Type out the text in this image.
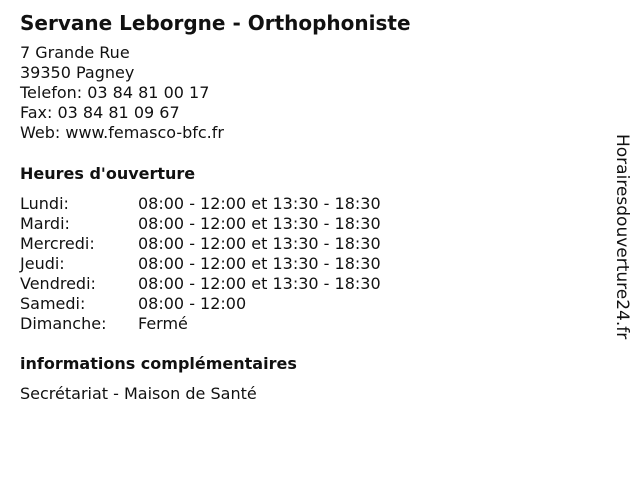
Servane Leborgne - Orthophoniste
7 Grande Rue
39350 Pagney
Telefon: 03 84 81 00 17
Fax: 03 84 81 09 67
Web: www.femasco-bfc.fr
Heures d'ouverture
Lundi:	08:00 - 12:00 et 13:30 - 18:30
Mardi:	08:00 - 12:00 et 13:30 - 18:30
Mercredi:	08:00 - 12:00 et 13:30 - 18:30
Jeudi:	08:00 - 12:00 et 13:30 - 18:30
Vendredi:	08:00 - 12:00 et 13:30 - 18:30
Samedi:	08:00 - 12:00
Dimanche: Fermé
informations complémentaires
Secrétariat - Maison de Santé
Horairesdouverture24.fr
